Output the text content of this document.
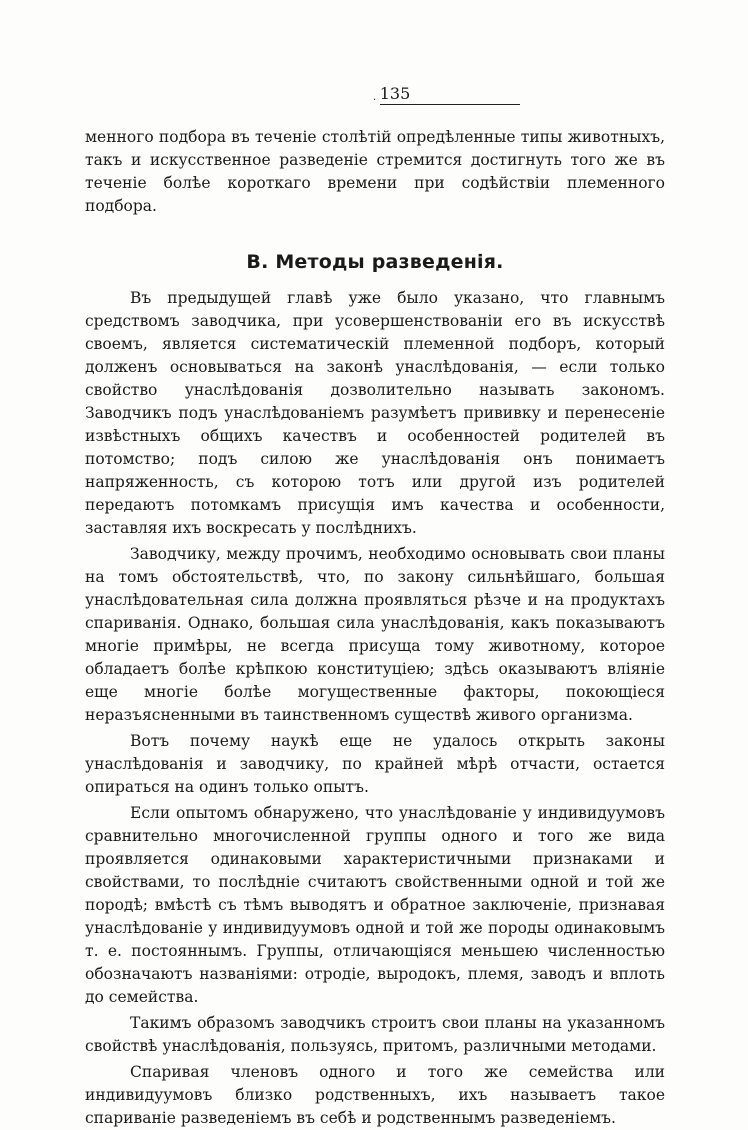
· 135

менного подбора въ теченіе столѣтій опредѣленные типы животныхъ, такъ и искусственное разведеніе стремится достигнуть того же въ теченіе болѣе короткаго времени при содѣйствіи племенного подбора.

B. Методы разведенія.

Въ предыдущей главѣ уже было указано, что главнымъ средствомъ заводчика, при усовершенствованіи его въ искусствѣ своемъ, является систематическій племенной подборъ, который долженъ основываться на законѣ унаслѣдованія, — если только свойство унаслѣдованія дозволительно называть закономъ. Заводчикъ подъ унаслѣдованіемъ разумѣетъ прививку и перенесеніе извѣстныхъ общихъ качествъ и особенностей родителей въ потомство; подъ силою же унаслѣдованія онъ понимаетъ напряженность, съ которою тотъ или другой изъ родителей передаютъ потомкамъ присущія имъ качества и особенности, заставляя ихъ воскресать у послѣднихъ.

Заводчику, между прочимъ, необходимо основывать свои планы на томъ обстоятельствѣ, что, по закону сильнѣйшаго, большая унаслѣдовательная сила должна проявляться рѣзче и на продуктахъ спариванія. Однако, большая сила унаслѣдованія, какъ показываютъ многіе примѣры, не всегда присуща тому животному, которое обладаетъ болѣе крѣпкою конституціею; здѣсь оказываютъ вліяніе еще многіе болѣе могущественные факторы, покоющіеся неразъясненными въ таинственномъ существѣ живого организма.

Вотъ почему наукѣ еще не удалось открыть законы унаслѣдованія и заводчику, по крайней мѣрѣ отчасти, остается опираться на одинъ только опытъ.

Если опытомъ обнаружено, что унаслѣдованіе у индивидуумовъ сравнительно многочисленной группы одного и того же вида проявляется одинаковыми характеристичными признаками и свойствами, то послѣдніе считаютъ свойственными одной и той же породѣ; вмѣстѣ съ тѣмъ выводятъ и обратное заключеніе, признавая унаслѣдованіе у индивидуумовъ одной и той же породы одинаковымъ т. е. постояннымъ. Группы, отличающіяся меньшею численностью обозначаютъ названіями: отродіе, выродокъ, племя, заводъ и вплоть до семейства.

Такимъ образомъ заводчикъ строитъ свои планы на указанномъ свойствѣ унаслѣдованія, пользуясь, притомъ, различными методами.

Спаривая членовъ одного и того же семейства или индивидуумовъ близко родственныхъ, ихъ называетъ такое спариваніе разведеніемъ въ себѣ и родственнымъ разведеніемъ.
